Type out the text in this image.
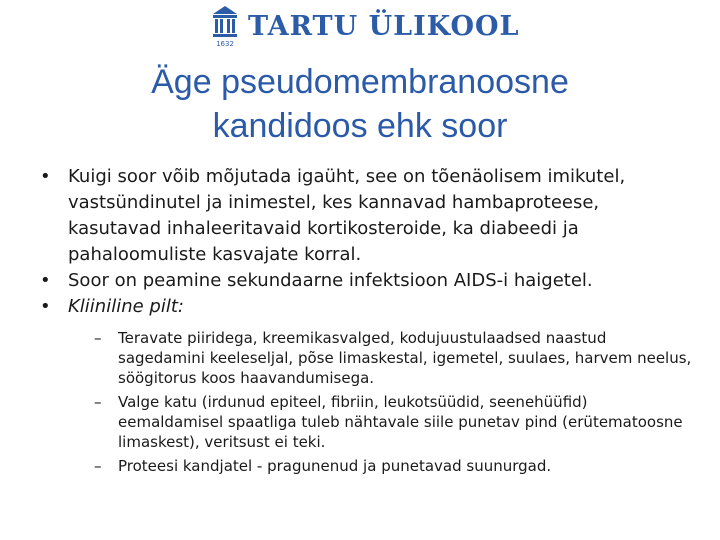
1632
TARTU ÜLIKOOL
Äge pseudomembranoosne
kandidoos ehk soor
• Kuigi soor võib mõjutada igaüht, see on tõenäolisem imikutel, vastsündinutel ja inimestel, kes kannavad hambaproteese, kasutavad inhaleeritavaid kortikosteroide, ka diabeedi ja pahaloomuliste kasvajate korral.
• Soor on peamine sekundaarne infektsioon AIDS-i haigetel.
• Kliiniline pilt:
– Teravate piiridega, kreemikasvalged, kodujuustulaadsed naastud sagedamini keeleseljal, põse limaskestal, igemetel, suulaes, harvem neelus, söögitorus koos haavandumisega.
– Valge katu (irdunud epiteel, fibriin, leukotsüüdid, seenehüüfid) eemaldamisel spaatliga tuleb nähtavale siile punetav pind (erütematoosne limaskest), veritsust ei teki.
– Proteesi kandjatel - pragunenud ja punetavad suunurgad.
